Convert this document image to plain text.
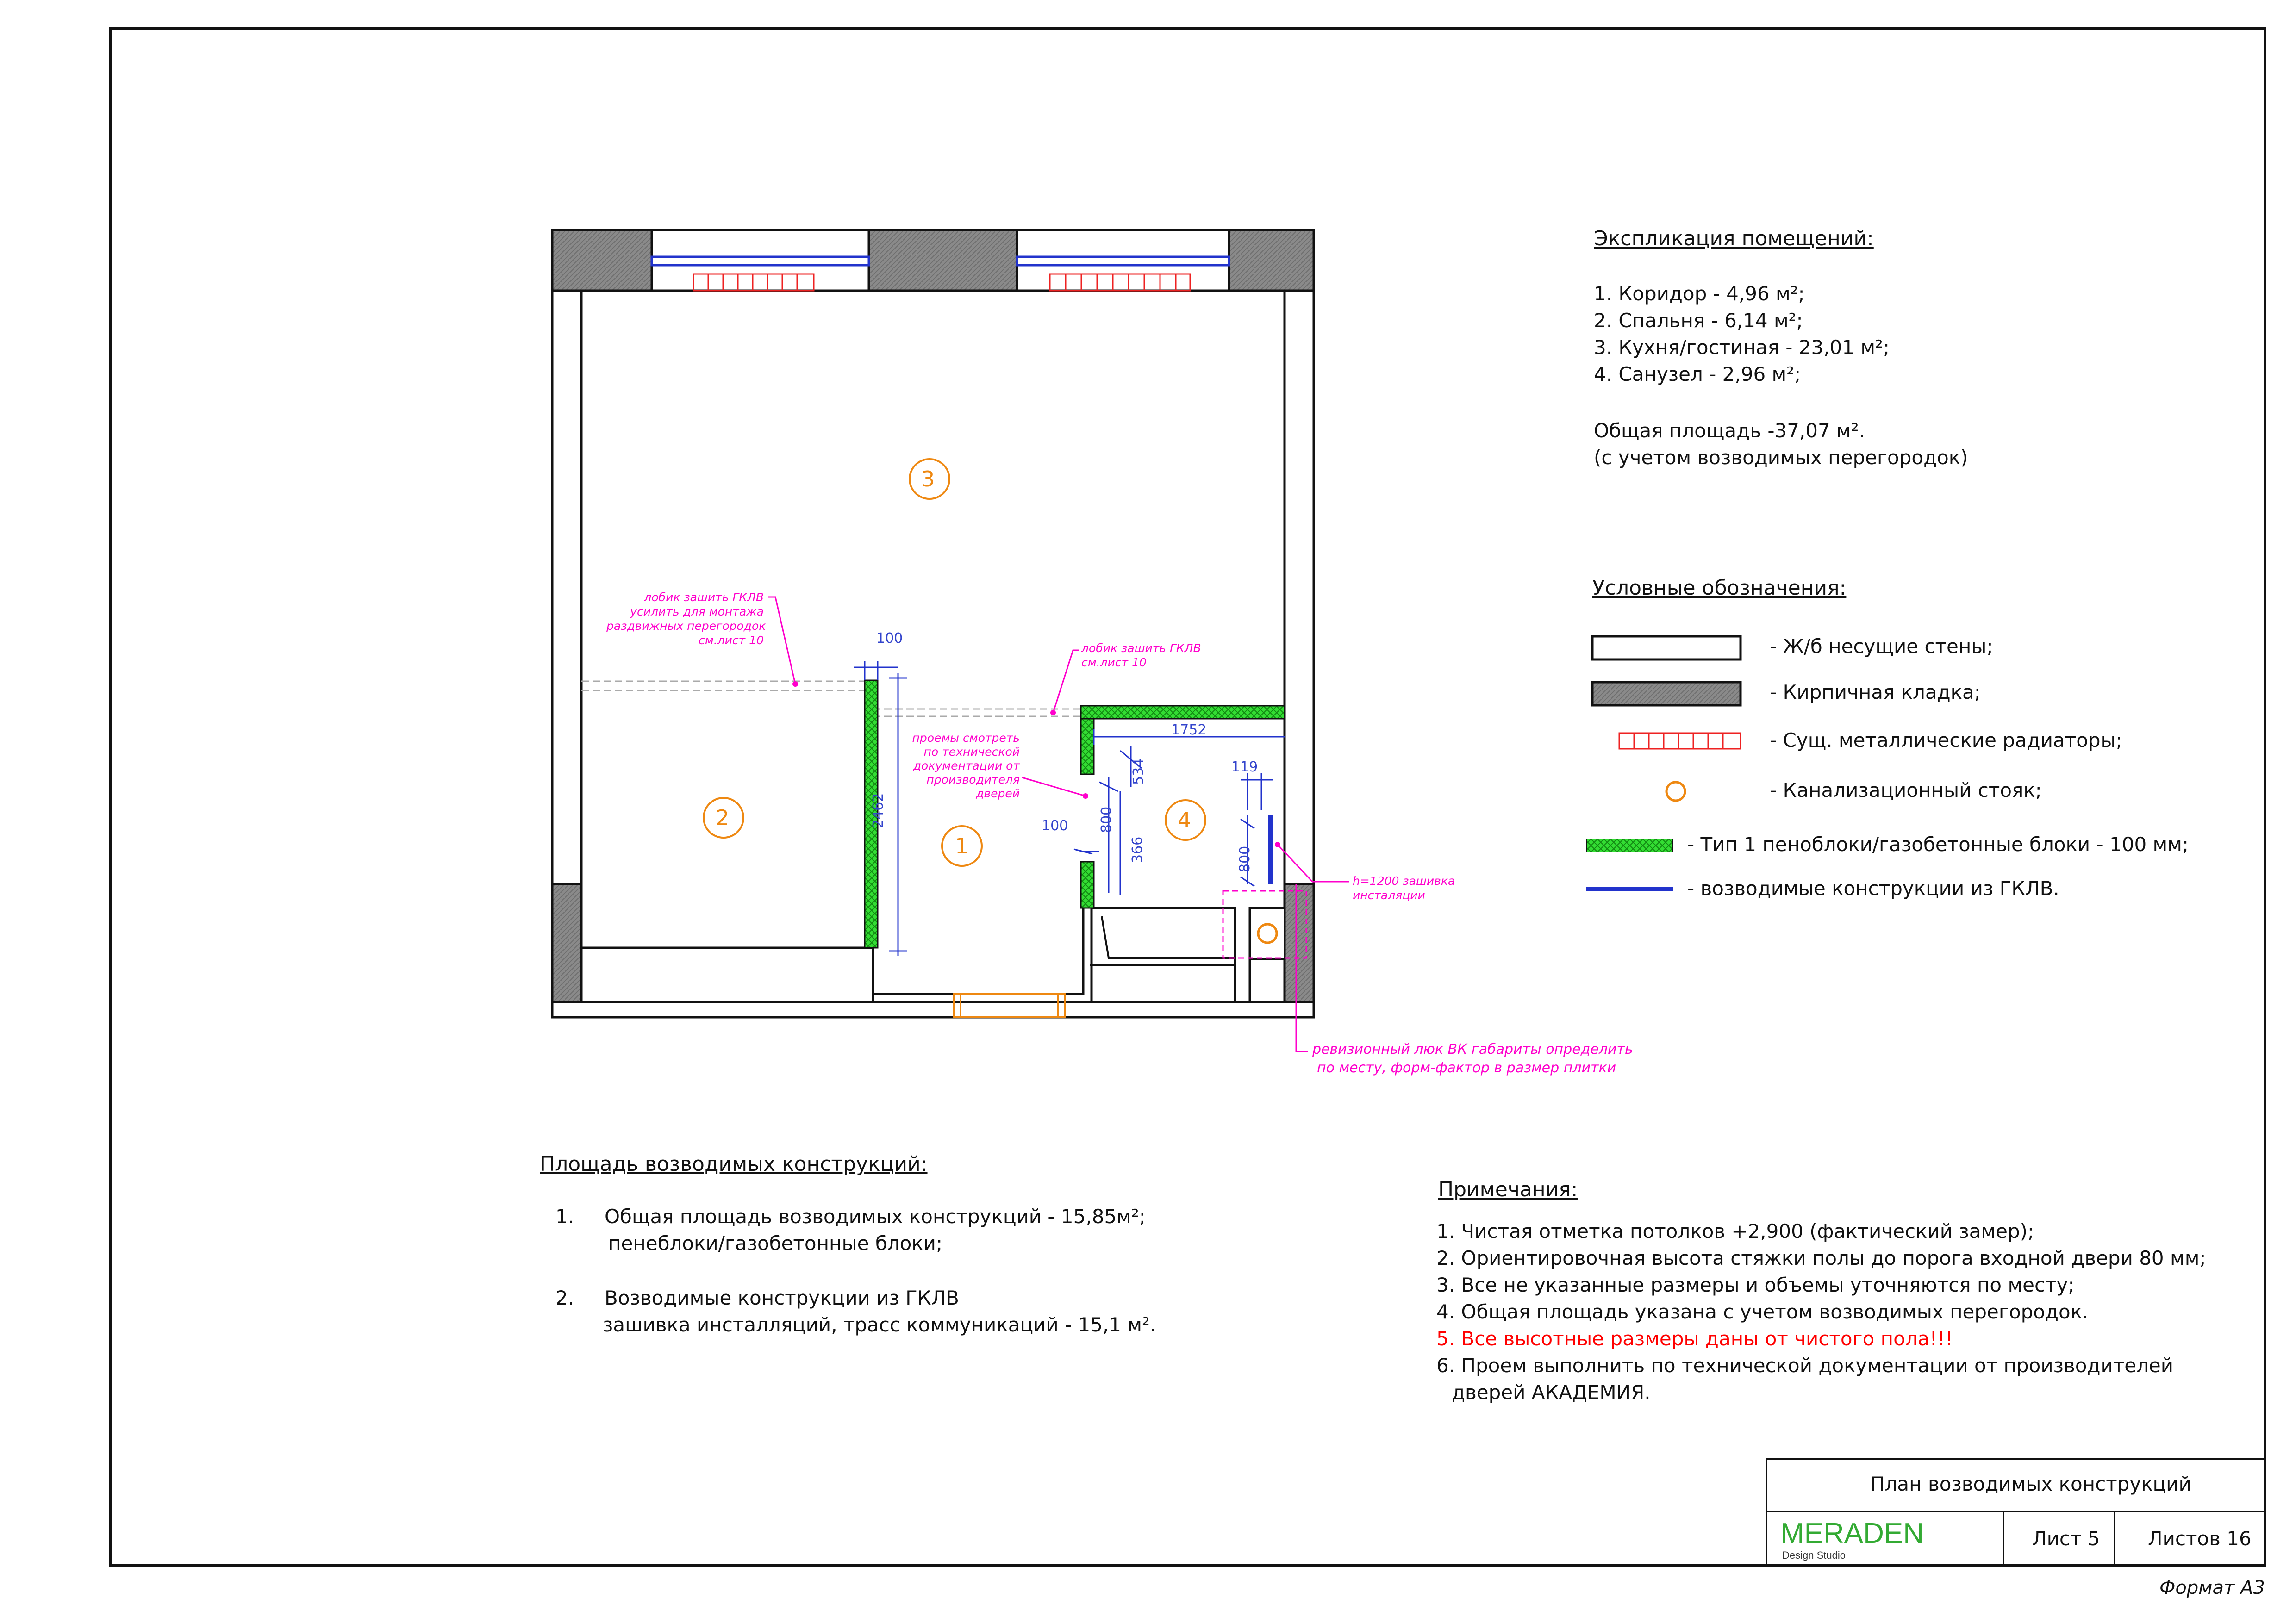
3
2
1
4
100
2462
1752
534
800
100
366
119
800
лобик зашить ГКЛВ
усилить для монтажа
раздвижных перегородок
см.лист 10
лобик зашить ГКЛВ
см.лист 10
проемы смотреть
по технической
документации от
производителя
дверей
h=1200 зашивка
инсталяции
ревизионный люк ВК габариты определить
по месту, форм-фактор в размер плитки
Экспликация помещений:
1. Коридор - 4,96 м²;
2. Спальня - 6,14 м²;
3. Кухня/гостиная - 23,01 м²;
4. Санузел - 2,96 м²;
Общая площадь -37,07 м².
(с учетом возводимых перегородок)
Условные обозначения:
- Ж/б несущие стены;
- Кирпичная кладка;
- Сущ. металлические радиаторы;
- Канализационный стояк;
- Тип 1 пеноблоки/газобетонные блоки - 100 мм;
- возводимые конструкции из ГКЛВ.
Площадь возводимых конструкций:
1. Общая площадь возводимых конструкций - 15,85м²;
пенеблоки/газобетонные блоки;
2. Возводимые конструкции из ГКЛВ
зашивка инсталляций, трасс коммуникаций - 15,1 м².
Примечания:
1. Чистая отметка потолков +2,900 (фактический замер);
2. Ориентировочная высота стяжки полы до порога входной двери 80 мм;
3. Все не указанные размеры и объемы уточняются по месту;
4. Общая площадь указана с учетом возводимых перегородок.
5. Все высотные размеры даны от чистого пола!!!
6. Проем выполнить по технической документации от производителей
дверей АКАДЕМИЯ.
План возводимых конструкций
MERADEN
Design Studio
Лист 5 Листов 16
Формат А3
